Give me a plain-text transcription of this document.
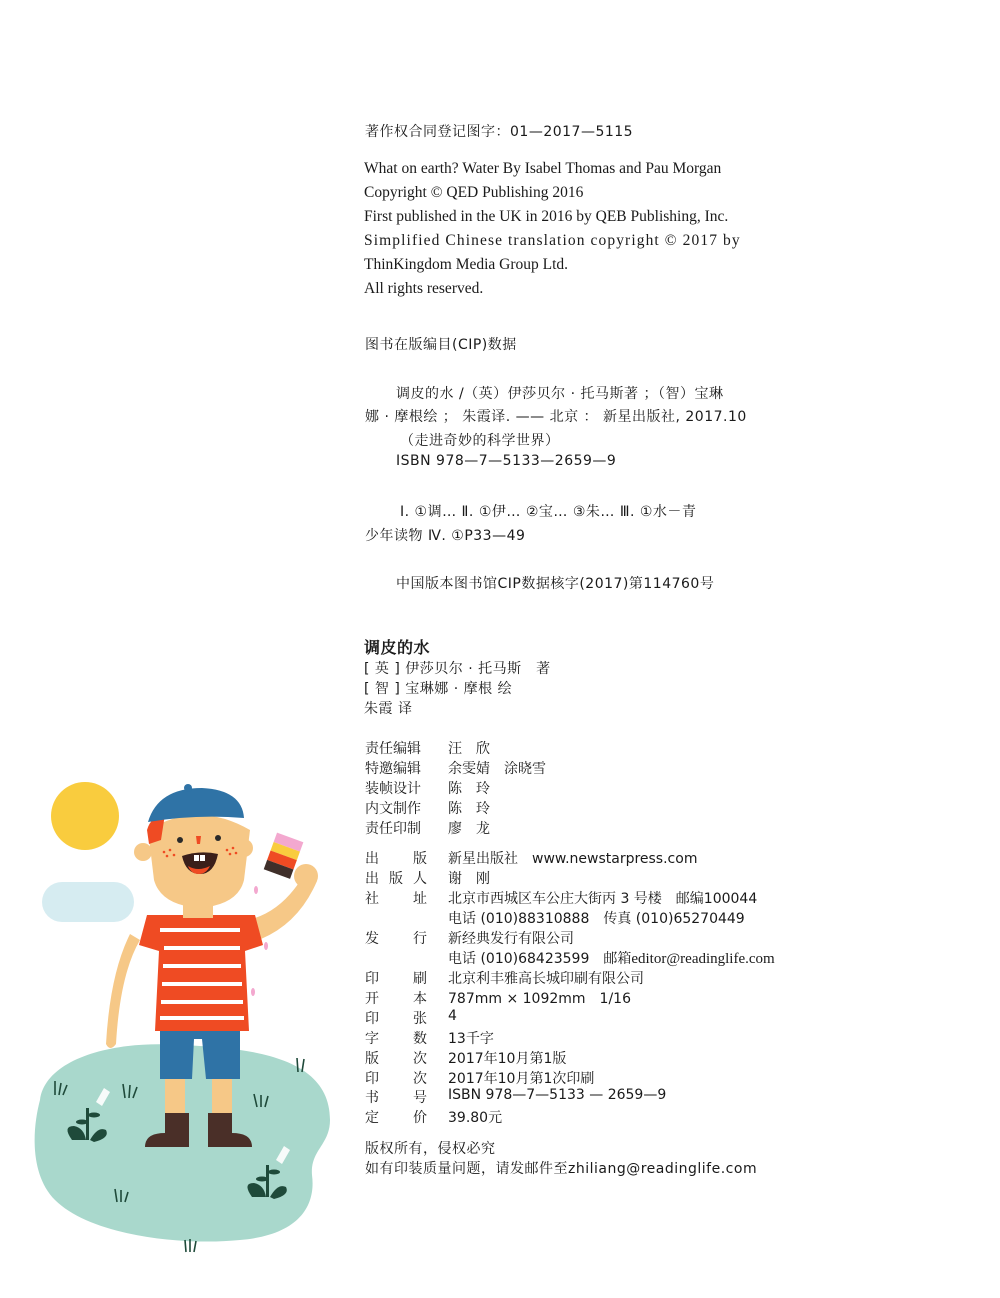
著作权合同登记图字：01—2017—5115
What on earth? Water By Isabel Thomas and Pau Morgan
Copyright © QED Publishing 2016
First published in the UK in 2016 by QEB Publishing, Inc.
Simplified Chinese translation copyright © 2017 by
ThinKingdom Media Group Ltd.
All rights reserved.
图书在版编目(CIP)数据
调皮的水 /（英）伊莎贝尔 · 托马斯著 ；（智）宝琳
娜 · 摩根绘 ； 朱霞译. —— 北京 ： 新星出版社, 2017.10
（走进奇妙的科学世界）
ISBN 978—7—5133—2659—9
Ⅰ. ①调… Ⅱ. ①伊… ②宝… ③朱… Ⅲ. ①水－青
少年读物 Ⅳ. ①P33—49
中国版本图书馆CIP数据核字(2017)第114760号
调皮的水
[ 英 ] 伊莎贝尔 · 托马斯　著
[ 智 ] 宝琳娜 · 摩根 绘
朱霞 译
责任编辑 汪　欣
特邀编辑 余雯婧　涂晓雪
装帧设计 陈　玲
内文制作 陈　玲
责任印制 廖　龙
出 版 新星出版社　www.newstarpress.com
出 版 人 谢　刚
社 址 北京市西城区车公庄大街丙 3 号楼　邮编100044
电话 (010)88310888　传真 (010)65270449
发 行 新经典发行有限公司
电话 (010)68423599　邮箱editor@readinglife.com
印 刷 北京利丰雅高长城印刷有限公司
开 本 787mm × 1092mm　1/16
印 张 4
字 数 13千字
版 次 2017年10月第1版
印 次 2017年10月第1次印刷
书 号 ISBN 978—7—5133 — 2659—9
定 价 39.80元
版权所有，侵权必究
如有印装质量问题，请发邮件至zhiliang@readinglife.com
